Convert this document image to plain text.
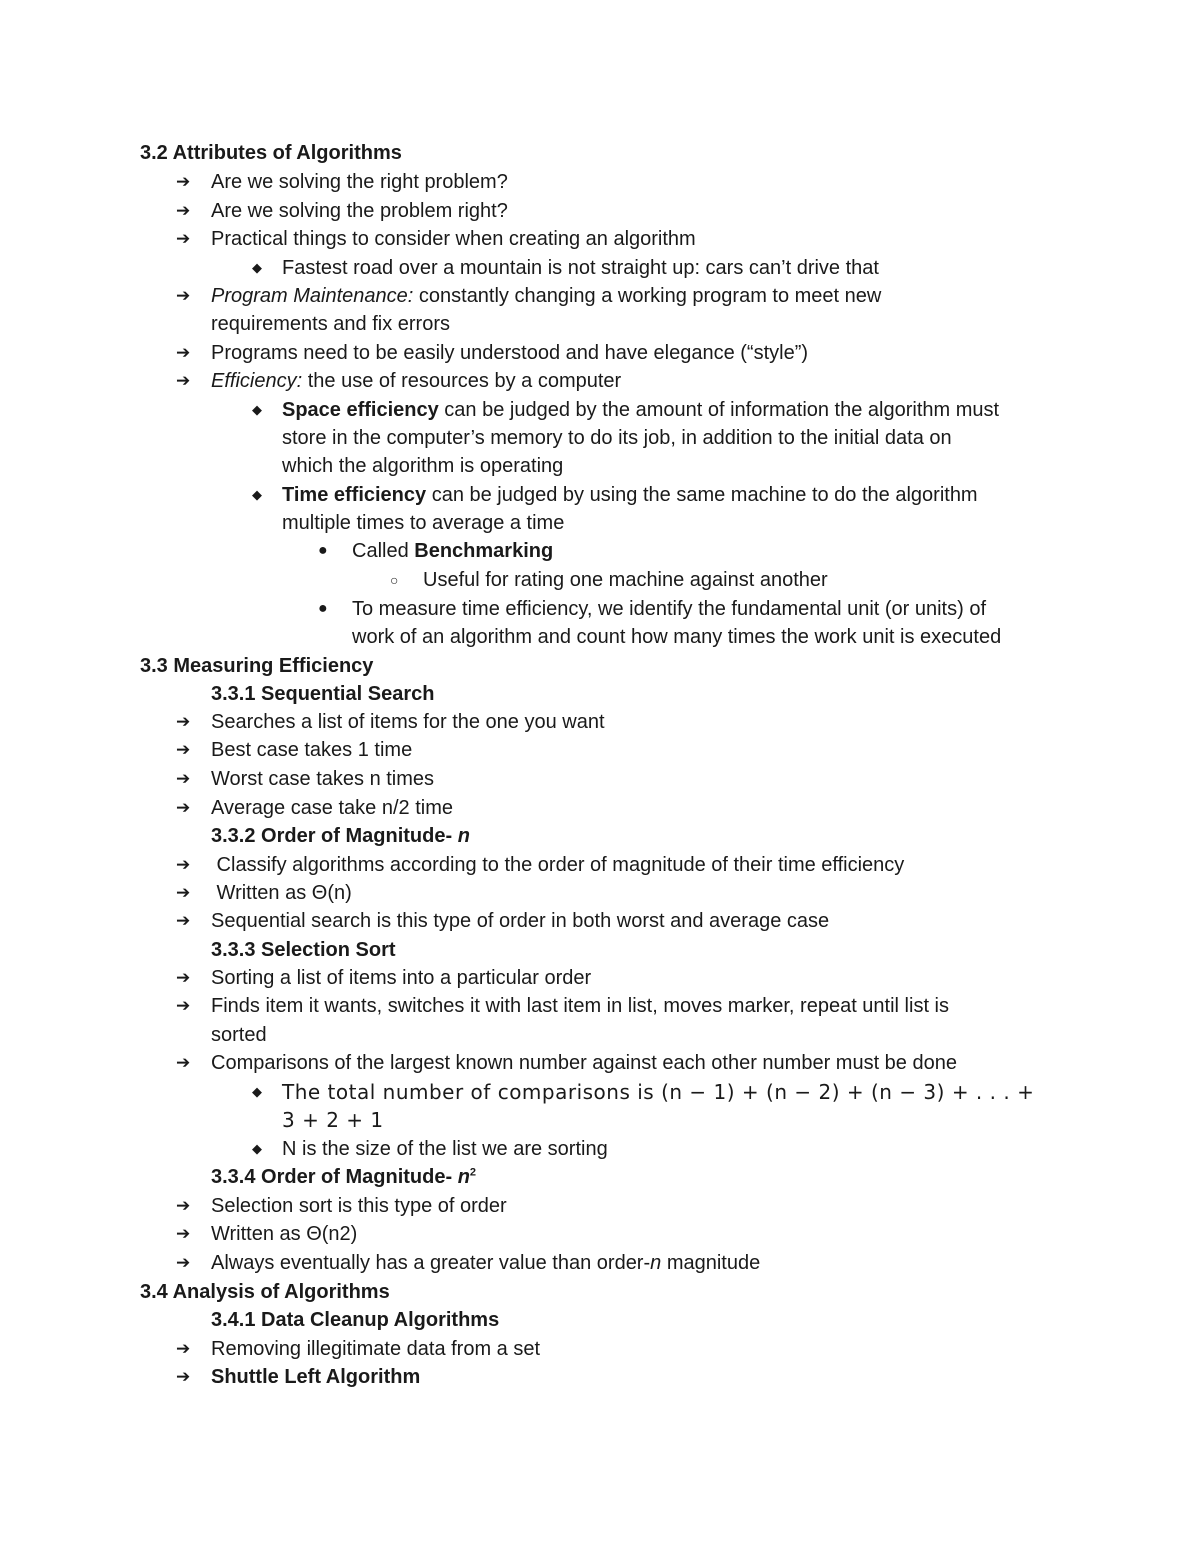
3.2 Attributes of Algorithms
➔ Are we solving the right problem?
➔ Are we solving the problem right?
➔ Practical things to consider when creating an algorithm
◆ Fastest road over a mountain is not straight up: cars can’t drive that
➔ Program Maintenance: constantly changing a working program to meet new
requirements and fix errors
➔ Programs need to be easily understood and have elegance (“style”)
➔ Efficiency: the use of resources by a computer
◆ Space efficiency can be judged by the amount of information the algorithm must
store in the computer’s memory to do its job, in addition to the initial data on
which the algorithm is operating
◆ Time efficiency can be judged by using the same machine to do the algorithm
multiple times to average a time
● Called Benchmarking
○ Useful for rating one machine against another
● To measure time efficiency, we identify the fundamental unit (or units) of
work of an algorithm and count how many times the work unit is executed
3.3 Measuring Efficiency
3.3.1 Sequential Search
➔ Searches a list of items for the one you want
➔ Best case takes 1 time
➔ Worst case takes n times
➔ Average case take n/2 time
3.3.2 Order of Magnitude- n
➔ Classify algorithms according to the order of magnitude of their time efficiency
➔ Written as Θ(n)
➔ Sequential search is this type of order in both worst and average case
3.3.3 Selection Sort
➔ Sorting a list of items into a particular order
➔ Finds item it wants, switches it with last item in list, moves marker, repeat until list is
sorted
➔ Comparisons of the largest known number against each other number must be done
◆ The total number of comparisons is (n − 1) + (n − 2) + (n − 3) + . . . +
3 + 2 + 1
◆ N is the size of the list we are sorting
3.3.4 Order of Magnitude- $n^2$
➔ Selection sort is this type of order
➔ Written as Θ(n2)
➔ Always eventually has a greater value than order-n magnitude
3.4 Analysis of Algorithms
3.4.1 Data Cleanup Algorithms
➔ Removing illegitimate data from a set
➔ Shuttle Left Algorithm
